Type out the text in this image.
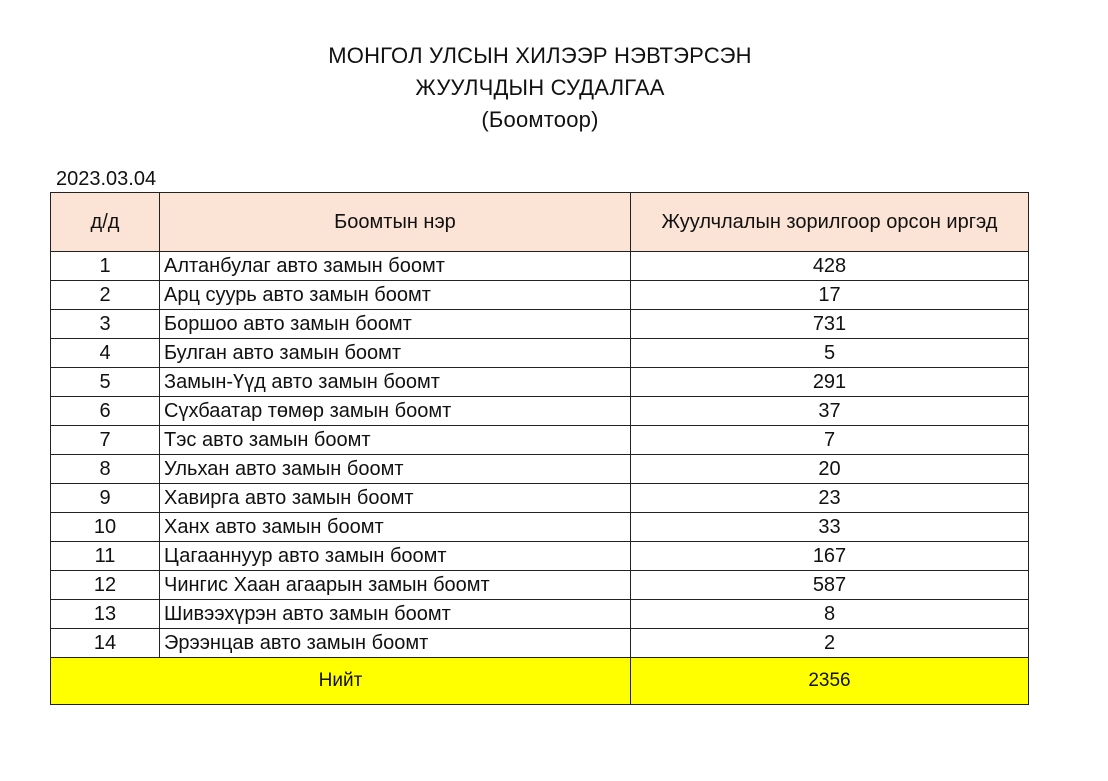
МОНГОЛ УЛСЫН ХИЛЭЭР НЭВТЭРСЭН
ЖУУЛЧДЫН СУДАЛГАА
(Боомтоор)
2023.03.04
д/д	Боомтын нэр	Жуулчлалын зорилгоор орсон иргэд

1	Алтанбулаг авто замын боомт	428
2	Арц суурь авто замын боомт	17
3	Боршоо авто замын боомт	731
4	Булган авто замын боомт	5
5	Замын-Үүд авто замын боомт	291
6	Сүхбаатар төмөр замын боомт	37
7	Тэс авто замын боомт	7
8	Ульхан авто замын боомт	20
9	Хавирга авто замын боомт	23
10	Ханх авто замын боомт	33
11	Цагааннуур авто замын боомт	167
12	Чингис Хаан агаарын замын боомт	587
13	Шивээхүрэн авто замын боомт	8
14	Эрээнцав авто замын боомт	2
Нийт		2356
